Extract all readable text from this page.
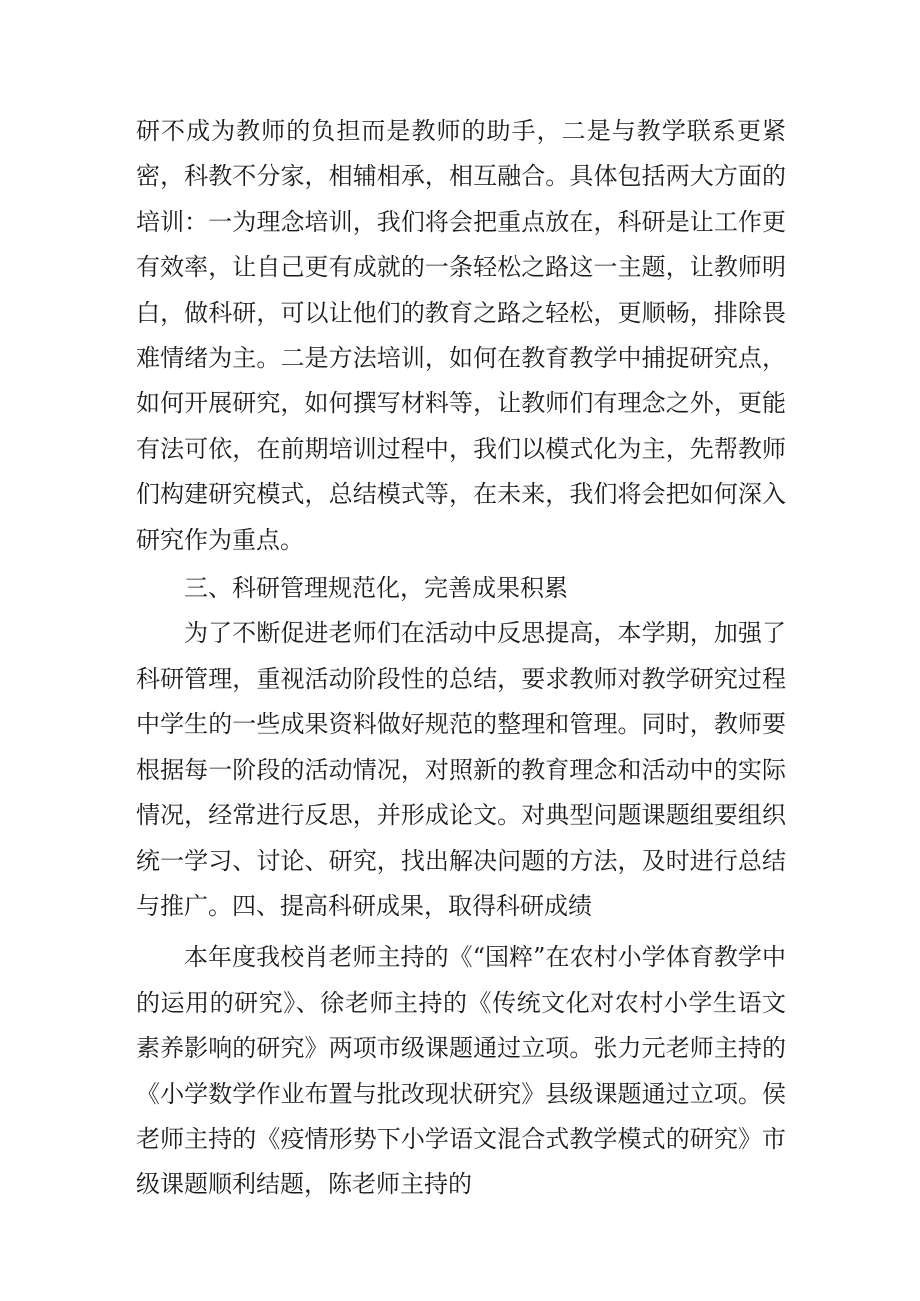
研不成为教师的负担而是教师的助手，二是与教学联系更紧密，科教不分家，相辅相承，相互融合。具体包括两大方面的培训：一为理念培训，我们将会把重点放在，科研是让工作更有效率，让自己更有成就的一条轻松之路这一主题，让教师明白，做科研，可以让他们的教育之路之轻松，更顺畅，排除畏难情绪为主。二是方法培训，如何在教育教学中捕捉研究点，如何开展研究，如何撰写材料等，让教师们有理念之外，更能有法可依，在前期培训过程中，我们以模式化为主，先帮教师们构建研究模式，总结模式等，在未来，我们将会把如何深入研究作为重点。

三、科研管理规范化，完善成果积累

为了不断促进老师们在活动中反思提高，本学期，加强了科研管理，重视活动阶段性的总结，要求教师对教学研究过程中学生的一些成果资料做好规范的整理和管理。同时，教师要根据每一阶段的活动情况，对照新的教育理念和活动中的实际情况，经常进行反思，并形成论文。对典型问题课题组要组织统一学习、讨论、研究，找出解决问题的方法，及时进行总结与推广。四、提高科研成果，取得科研成绩

本年度我校肖老师主持的《“国粹”在农村小学体育教学中的运用的研究》、徐老师主持的《传统文化对农村小学生语文素养影响的研究》两项市级课题通过立项。张力元老师主持的《小学数学作业布置与批改现状研究》县级课题通过立项。侯老师主持的《疫情形势下小学语文混合式教学模式的研究》市级课题顺利结题，陈老师主持的
